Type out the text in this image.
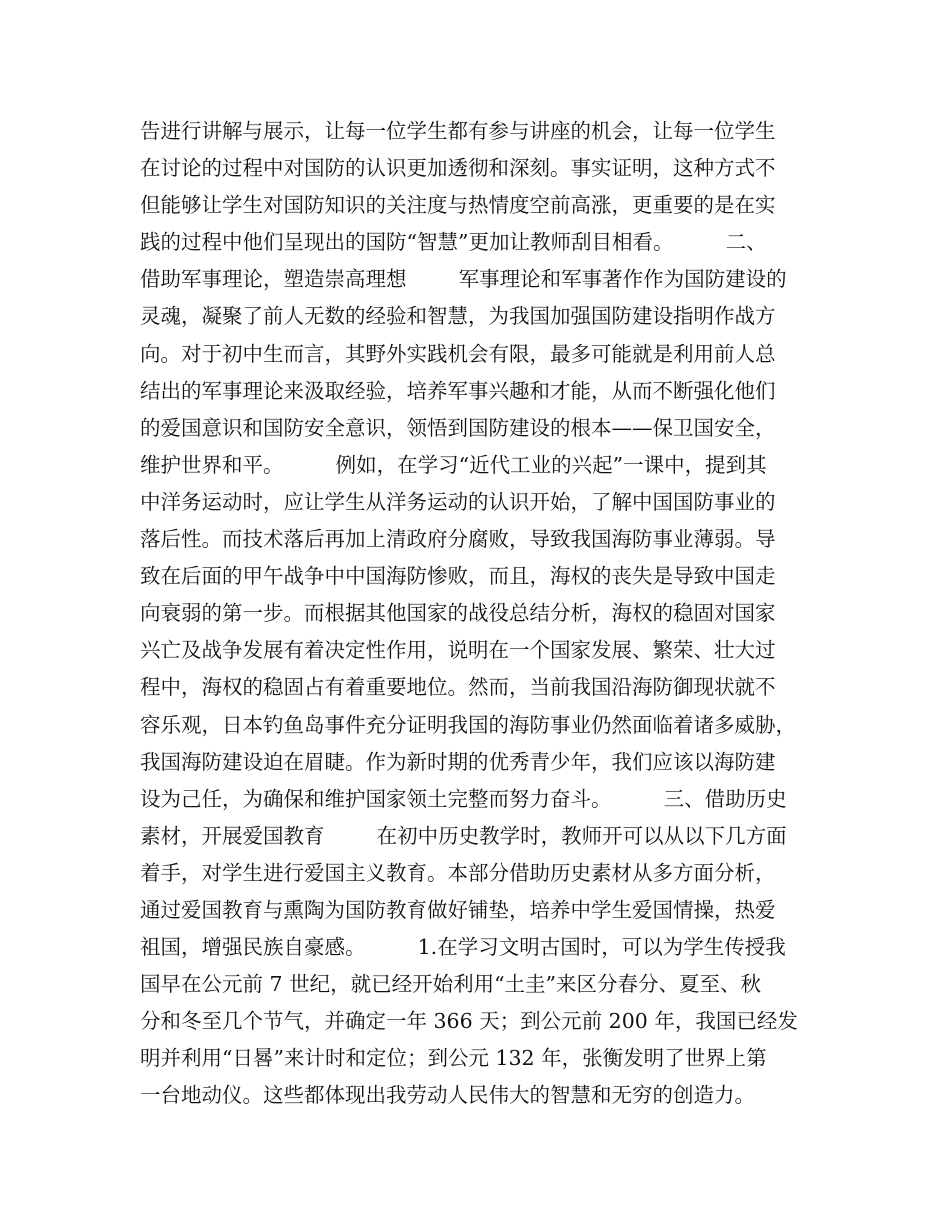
告进行讲解与展示，让每一位学生都有参与讲座的机会，让每一位学生
在讨论的过程中对国防的认识更加透彻和深刻。事实证明，这种方式不
但能够让学生对国防知识的关注度与热情度空前高涨，更重要的是在实
践的过程中他们呈现出的国防“智慧”更加让教师刮目相看。        二、
借助军事理论，塑造崇高理想        军事理论和军事著作作为国防建设的
灵魂，凝聚了前人无数的经验和智慧，为我国加强国防建设指明作战方
向。对于初中生而言，其野外实践机会有限，最多可能就是利用前人总
结出的军事理论来汲取经验，培养军事兴趣和才能，从而不断强化他们
的爱国意识和国防安全意识，领悟到国防建设的根本——保卫国安全，
维护世界和平。        例如，在学习“近代工业的兴起”一课中，提到其
中洋务运动时，应让学生从洋务运动的认识开始，了解中国国防事业的
落后性。而技术落后再加上清政府分腐败，导致我国海防事业薄弱。导
致在后面的甲午战争中中国海防惨败，而且，海权的丧失是导致中国走
向衰弱的第一步。而根据其他国家的战役总结分析，海权的稳固对国家
兴亡及战争发展有着决定性作用，说明在一个国家发展、繁荣、壮大过
程中，海权的稳固占有着重要地位。然而，当前我国沿海防御现状就不
容乐观，日本钓鱼岛事件充分证明我国的海防事业仍然面临着诸多威胁，
我国海防建设迫在眉睫。作为新时期的优秀青少年，我们应该以海防建
设为己任，为确保和维护国家领土完整而努力奋斗。        三、借助历史
素材，开展爱国教育        在初中历史教学时，教师开可以从以下几方面
着手，对学生进行爱国主义教育。本部分借助历史素材从多方面分析，
通过爱国教育与熏陶为国防教育做好铺垫，培养中学生爱国情操，热爱
祖国，增强民族自豪感。        1.在学习文明古国时，可以为学生传授我
国早在公元前 7 世纪，就已经开始利用“土圭”来区分春分、夏至、秋
分和冬至几个节气，并确定一年 366 天；到公元前 200 年，我国已经发
明并利用“日晷”来计时和定位；到公元 132 年，张衡发明了世界上第
一台地动仪。这些都体现出我劳动人民伟大的智慧和无穷的创造力。
